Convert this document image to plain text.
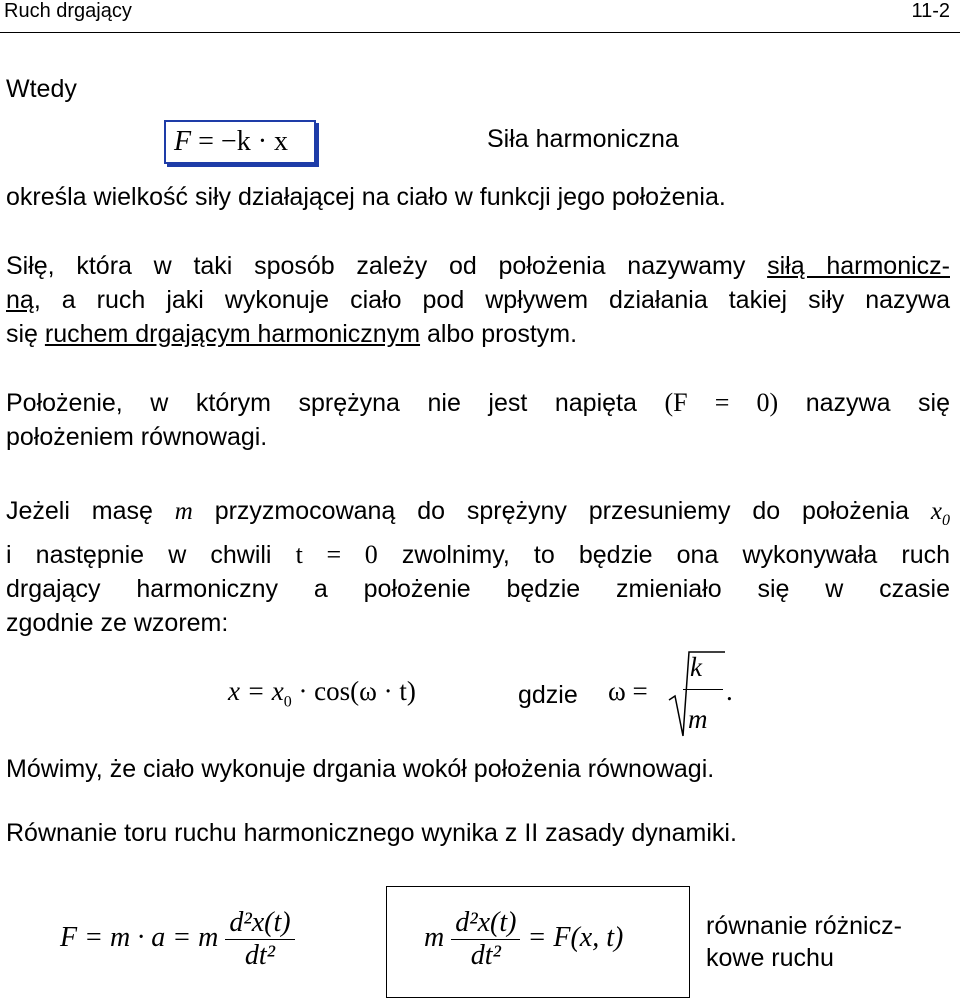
Ruch drgający	11-2
Wtedy
F = −k · x	Siła harmoniczna
określa wielkość siły działającej na ciało w funkcji jego położenia.
Siłę, która w taki sposób zależy od położenia nazywamy siłą harmonicz-
ną, a ruch jaki wykonuje ciało pod wpływem działania takiej siły nazywa
się ruchem drgającym harmonicznym albo prostym.
Położenie, w którym sprężyna nie jest napięta (F = 0) nazywa się
położeniem równowagi.
Jeżeli masę m przyzmocowaną do sprężyny przesuniemy do położenia $x_0$
i następnie w chwili t = 0 zwolnimy, to będzie ona wykonywała ruch
drgający harmoniczny a położenie będzie zmieniało się w czasie
zgodnie ze wzorem:
$x = x_0 \cdot \cos(\omega \cdot t)$	gdzie ω =
k
m
.
Mówimy, że ciało wykonuje drgania wokół położenia równowagi.
Równanie toru ruchu harmonicznego wynika z II zasady dynamiki.
F = m · a = m $\frac{\text{d²x(t)}}{\text{dt²}}$	m $\frac{\text{d²x(t)}}{\text{dt²}} = F(x$, t)	równanie różnicz-
kowe ruchu
